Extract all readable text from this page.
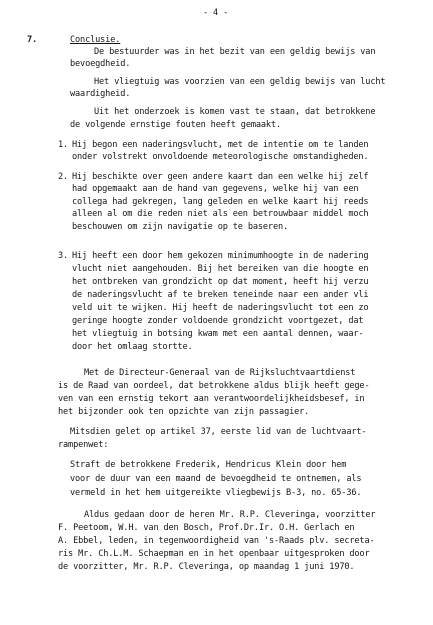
- 4 -
7.	Conclusie.
De bestuurder was in het bezit van een geldig bewijs van
bevoegdheid.
Het vliegtuig was voorzien van een geldig bewijs van lucht
waardigheid.
Uit het onderzoek is komen vast te staan, dat betrokkene
de volgende ernstige fouten heeft gemaakt.
1. Hij begon een naderingsvlucht, met de intentie om te landen
onder volstrekt onvoldoende meteorologische omstandigheden.
2. Hij beschikte over geen andere kaart dan een welke hij zelf
had opgemaakt aan de hand van gegevens, welke hij van een
collega had gekregen, lang geleden en welke kaart hij reeds
alleen al om die reden niet als een betrouwbaar middel moch
beschouwen om zijn navigatie op te baseren.
3. Hij heeft een door hem gekozen minimumhoogte in de nadering
vlucht niet aangehouden. Bij het bereiken van die hoogte en
het ontbreken van grondzicht op dat moment, heeft hij verzu
de naderingsvlucht af te breken teneinde naar een ander vli
veld uit te wijken. Hij heeft de naderingsvlucht tot een zo
geringe hoogte zonder voldoende grondzicht voortgezet, dat
het vliegtuig in botsing kwam met een aantal dennen, waar-
door het omlaag stortte.
Met de Directeur-Generaal van de Rijksluchtvaartdienst
is de Raad van oordeel, dat betrokkene aldus blijk heeft gege-
ven van een ernstig tekort aan verantwoordelijkheidsbesef, in
het bijzonder ook ten opzichte van zijn passagier.
Mitsdien gelet op artikel 37, eerste lid van de luchtvaart-
rampenwet:
Straft de betrokkene Frederik, Hendricus Klein door hem
voor de duur van een maand de bevoegdheid te ontnemen, als
vermeld in het hem uitgereikte vliegbewijs B-3, no. 65-36.
Aldus gedaan door de heren Mr. R.P. Cleveringa, voorzitter
F. Peetoom, W.H. van den Bosch, Prof.Dr.Ir. O.H. Gerlach en
A. Ebbel, leden, in tegenwoordigheid van 's-Raads plv. secreta-
ris Mr. Ch.L.M. Schaepman en in het openbaar uitgesproken door
de voorzitter, Mr. R.P. Cleveringa, op maandag 1 juni 1970.
